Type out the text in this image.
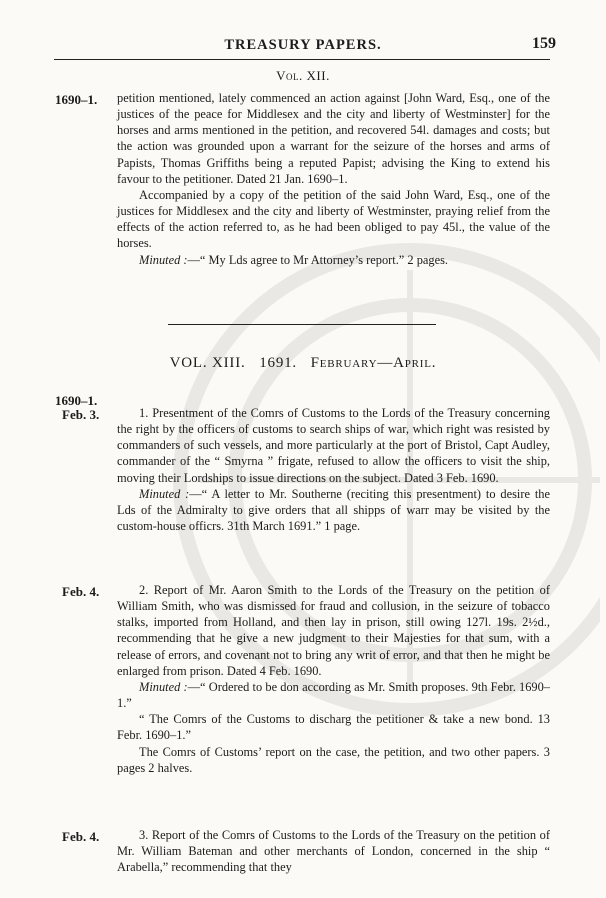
TREASURY PAPERS.	159
Vol. XII.
1690–1. petition mentioned, lately commenced an action against [John Ward, Esq., one of the justices of the peace for Middlesex and the city and liberty of Westminster] for the horses and arms mentioned in the petition, and recovered 54l. damages and costs; but the action was grounded upon a warrant for the seizure of the horses and arms of Papists, Thomas Griffiths being a reputed Papist; advising the King to extend his favour to the petitioner. Dated 21 Jan. 1690–1.

Accompanied by a copy of the petition of the said John Ward, Esq., one of the justices for Middlesex and the city and liberty of Westminster, praying relief from the effects of the action referred to, as he had been obliged to pay 45l., the value of the horses.

Minuted :—“ My Lds agree to Mr Attorney’s report.” 2 pages.

VOL. XIII. 1691. February—April.
1690–1.
Feb. 3.	1. Presentment of the Comrs of Customs to the Lords of the Treasury concerning the right by the officers of customs to search ships of war, which right was resisted by commanders of such vessels, and more particularly at the port of Bristol, Capt Audley, commander of the “ Smyrna ” frigate, refused to allow the officers to visit the ship, moving their Lordships to issue directions on the subject. Dated 3 Feb. 1690.

Minuted :—“ A letter to Mr. Southerne (reciting this presentment) to desire the Lds of the Admiralty to give orders that all shipps of warr may be visited by the custom-house officrs. 31th March 1691.” 1 page.

Feb. 4.	2. Report of Mr. Aaron Smith to the Lords of the Treasury on the petition of William Smith, who was dismissed for fraud and collusion, in the seizure of tobacco stalks, imported from Holland, and then lay in prison, still owing 127l. 19s. 2½d., recommending that he give a new judgment to their Majesties for that sum, with a release of errors, and covenant not to bring any writ of error, and that then he might be enlarged from prison. Dated 4 Feb. 1690.

Minuted :—“ Ordered to be don according as Mr. Smith proposes. 9th Febr. 1690–1.”

“ The Comrs of the Customs to discharg the petitioner & take a new bond. 13 Febr. 1690–1.”

The Comrs of Customs’ report on the case, the petition, and two other papers. 3 pages 2 halves.

Feb. 4.	3. Report of the Comrs of Customs to the Lords of the Treasury on the petition of Mr. William Bateman and other merchants of London, concerned in the ship “ Arabella,” recommending that they
